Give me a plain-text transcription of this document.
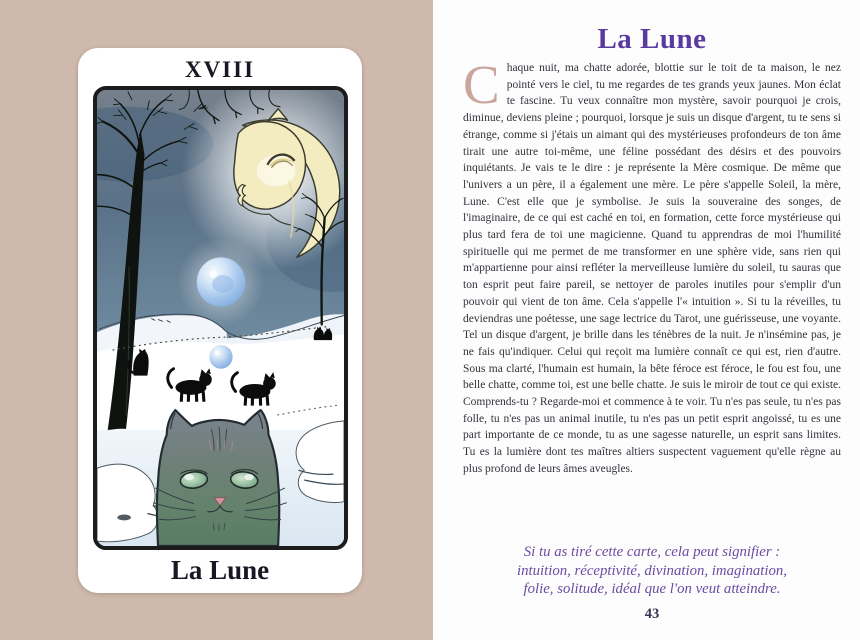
XVIII
La Lune
La Lune

Chaque nuit, ma chatte adorée, blottie sur le toit de ta maison, le nez pointé vers le ciel, tu me regardes de tes grands yeux jaunes. Mon éclat te fascine. Tu veux connaître mon mystère, savoir pourquoi je crois, diminue, deviens pleine ; pourquoi, lorsque je suis un disque d'argent, tu te sens si étrange, comme si j'étais un aimant qui des mystérieuses profondeurs de ton âme tirait une autre toi-même, une féline possédant des désirs et des pouvoirs inquiétants. Je vais te le dire : je représente la Mère cosmique. De même que l'univers a un père, il a également une mère. Le père s'appelle Soleil, la mère, Lune. C'est elle que je symbolise. Je suis la souveraine des songes, de l'imaginaire, de ce qui est caché en toi, en formation, cette force mystérieuse qui plus tard fera de toi une magicienne. Quand tu apprendras de moi l'humilité spirituelle qui me permet de me transformer en une sphère vide, sans rien qui m'appartienne pour ainsi refléter la merveilleuse lumière du soleil, tu sauras que ton esprit peut faire pareil, se nettoyer de paroles inutiles pour s'emplir d'un pouvoir qui vient de ton âme. Cela s'appelle l'« intuition ». Si tu la réveilles, tu deviendras une poétesse, une sage lectrice du Tarot, une guérisseuse, une voyante. Tel un disque d'argent, je brille dans les ténèbres de la nuit. Je n'insémine pas, je ne fais qu'indiquer. Celui qui reçoit ma lumière connaît ce qui est, rien d'autre. Sous ma clarté, l'humain est humain, la bête féroce est féroce, le fou est fou, une belle chatte, comme toi, est une belle chatte. Je suis le miroir de tout ce qui existe. Comprends-tu ? Regarde-moi et commence à te voir. Tu n'es pas seule, tu n'es pas folle, tu n'es pas un animal inutile, tu n'es pas un petit esprit angoissé, tu es une part importante de ce monde, tu as une sagesse naturelle, un esprit sans limites. Tu es la lumière dont tes maîtres altiers suspectent vaguement qu'elle règne au plus profond de leurs âmes aveugles.

Si tu as tiré cette carte, cela peut signifier :
intuition, réceptivité, divination, imagination,
folie, solitude, idéal que l'on veut atteindre.
43
